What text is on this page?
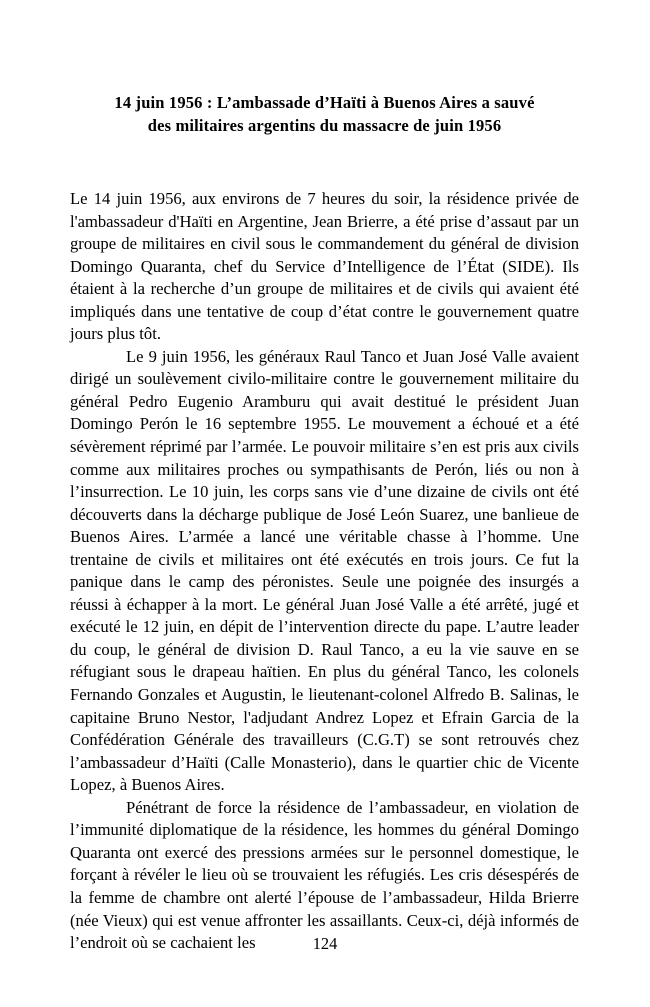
14 juin 1956 : L’ambassade d’Haïti à Buenos Aires a sauvé
des militaires argentins du massacre de juin 1956

Le 14 juin 1956, aux environs de 7 heures du soir, la résidence privée de l'ambassadeur d'Haïti en Argentine, Jean Brierre, a été prise d’assaut par un groupe de militaires en civil sous le commandement du général de division Domingo Quaranta, chef du Service d’Intelligence de l’État (SIDE). Ils étaient à la recherche d’un groupe de militaires et de civils qui avaient été impliqués dans une tentative de coup d’état contre le gouvernement quatre jours plus tôt.

Le 9 juin 1956, les généraux Raul Tanco et Juan José Valle avaient dirigé un soulèvement civilo-militaire contre le gouvernement militaire du général Pedro Eugenio Aramburu qui avait destitué le président Juan Domingo Perón le 16 septembre 1955. Le mouvement a échoué et a été sévèrement réprimé par l’armée. Le pouvoir militaire s’en est pris aux civils comme aux militaires proches ou sympathisants de Perón, liés ou non à l’insurrection. Le 10 juin, les corps sans vie d’une dizaine de civils ont été découverts dans la décharge publique de José León Suarez, une banlieue de Buenos Aires. L’armée a lancé une véritable chasse à l’homme. Une trentaine de civils et militaires ont été exécutés en trois jours. Ce fut la panique dans le camp des péronistes. Seule une poignée des insurgés a réussi à échapper à la mort. Le général Juan José Valle a été arrêté, jugé et exécuté le 12 juin, en dépit de l’intervention directe du pape. L’autre leader du coup, le général de division D. Raul Tanco, a eu la vie sauve en se réfugiant sous le drapeau haïtien. En plus du général Tanco, les colonels Fernando Gonzales et Augustin, le lieutenant-colonel Alfredo B. Salinas, le capitaine Bruno Nestor, l'adjudant Andrez Lopez et Efrain Garcia de la Confédération Générale des travailleurs (C.G.T) se sont retrouvés chez l’ambassadeur d’Haïti (Calle Monasterio), dans le quartier chic de Vicente Lopez, à Buenos Aires.

Pénétrant de force la résidence de l’ambassadeur, en violation de l’immunité diplomatique de la résidence, les hommes du général Domingo Quaranta ont exercé des pressions armées sur le personnel domestique, le forçant à révéler le lieu où se trouvaient les réfugiés. Les cris désespérés de la femme de chambre ont alerté l’épouse de l’ambassadeur, Hilda Brierre (née Vieux) qui est venue affronter les assaillants. Ceux-ci, déjà informés de l’endroit où se cachaient les	124
